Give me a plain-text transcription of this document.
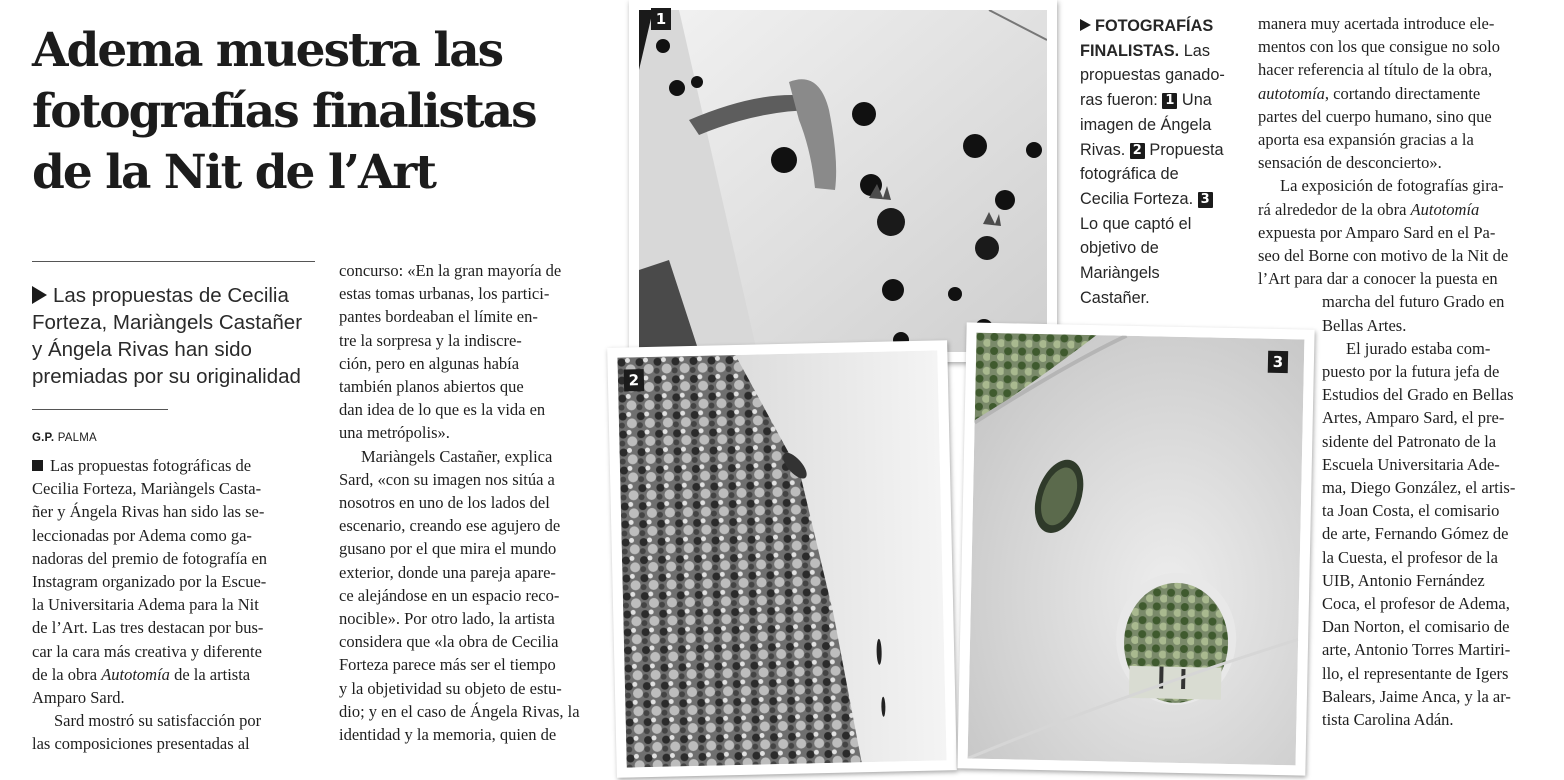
Adema muestra las
fotografías finalistas
de la Nit de l’Art
Las propuestas de Cecilia
Forteza, Mariàngels Castañer
y Ángela Rivas han sido
premiadas por su originalidad
G.P. PALMA
Las propuestas fotográficas de
Cecilia Forteza, Mariàngels Casta-
ñer y Ángela Rivas han sido las se-
leccionadas por Adema como ga-
nadoras del premio de fotografía en
Instagram organizado por la Escue-
la Universitaria Adema para la Nit
de l’Art. Las tres destacan por bus-
car la cara más creativa y diferente
de la obra Autotomía de la artista
Amparo Sard.
Sard mostró su satisfacción por
las composiciones presentadas al
concurso: «En la gran mayoría de
estas tomas urbanas, los partici-
pantes bordeaban el límite en-
tre la sorpresa y la indiscre-
ción, pero en algunas había
también planos abiertos que
dan idea de lo que es la vida en
una metrópolis».
Mariàngels Castañer, explica
Sard, «con su imagen nos sitúa a
nosotros en uno de los lados del
escenario, creando ese agujero de
gusano por el que mira el mundo
exterior, donde una pareja apare-
ce alejándose en un espacio reco-
nocible». Por otro lado, la artista
considera que «la obra de Cecilia
Forteza parece más ser el tiempo
y la objetividad su objeto de estu-
dio; y en el caso de Ángela Rivas, la
identidad y la memoria, quien de
1
2
3
FOTOGRAFÍAS
FINALISTAS. Las
propuestas ganado-
ras fueron: 1 Una
imagen de Ángela
Rivas. 2 Propuesta
fotográfica de
Cecilia Forteza. 3
Lo que captó el
objetivo de
Mariàngels
Castañer.
manera muy acertada introduce ele-
mentos con los que consigue no solo
hacer referencia al título de la obra,
autotomía, cortando directamente
partes del cuerpo humano, sino que
aporta esa expansión gracias a la
sensación de desconcierto».
La exposición de fotografías gira-
rá alrededor de la obra Autotomía
expuesta por Amparo Sard en el Pa-
seo del Borne con motivo de la Nit de
l’Art para dar a conocer la puesta en
marcha del futuro Grado en
Bellas Artes.
El jurado estaba com-
puesto por la futura jefa de
Estudios del Grado en Bellas
Artes, Amparo Sard, el pre-
sidente del Patronato de la
Escuela Universitaria Ade-
ma, Diego González, el artis-
ta Joan Costa, el comisario
de arte, Fernando Gómez de
la Cuesta, el profesor de la
UIB, Antonio Fernández
Coca, el profesor de Adema,
Dan Norton, el comisario de
arte, Antonio Torres Martiri-
llo, el representante de Igers
Balears, Jaime Anca, y la ar-
tista Carolina Adán.
